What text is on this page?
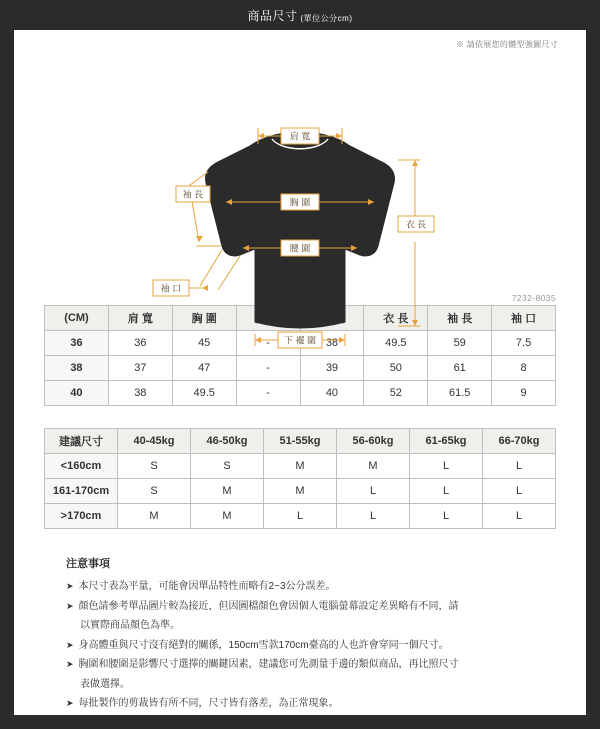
商品尺寸 (單位公分cm)
※ 請依展您的體型強圖尺寸
肩 寬
胸 圍
腰 圍
下 襬 圍
袖 長
袖 口
衣 長
7232-8035
(CM)	肩 寬	胸 圍			衣 長	袖 長	袖 口
36	36	45	-	38	49.5	59	7.5
38	37	47	-	39	50	61	8
40	38	49.5	-	40	52	61.5	9
建議尺寸	40-45kg	46-50kg	51-55kg	56-60kg	61-65kg	66-70kg
<160cm	S	S	M	M	L	L
161-170cm	S	M	M	L	L	L
>170cm	M	M	L	L	L	L
注意事項
➤ 本尺寸表為平量，可能會因單品特性而略有2~3公分誤差。
➤ 顏色請參考單品圖片較為接近，但因圖檔顏色會因個人電腦螢幕設定差異略有不同，請
以實際商品顏色為準。
➤ 身高體重與尺寸沒有絕對的關係，150cm雪款170cm臺高的人也許會穿同一個尺寸。
➤ 胸圍和腰圍是影響尺寸選擇的關鍵因素，建議您可先測量手邊的類似商品，再比照尺寸
表做選擇。
➤ 每批製作的剪裁皆有所不同，尺寸皆有落差，為正常現象。
